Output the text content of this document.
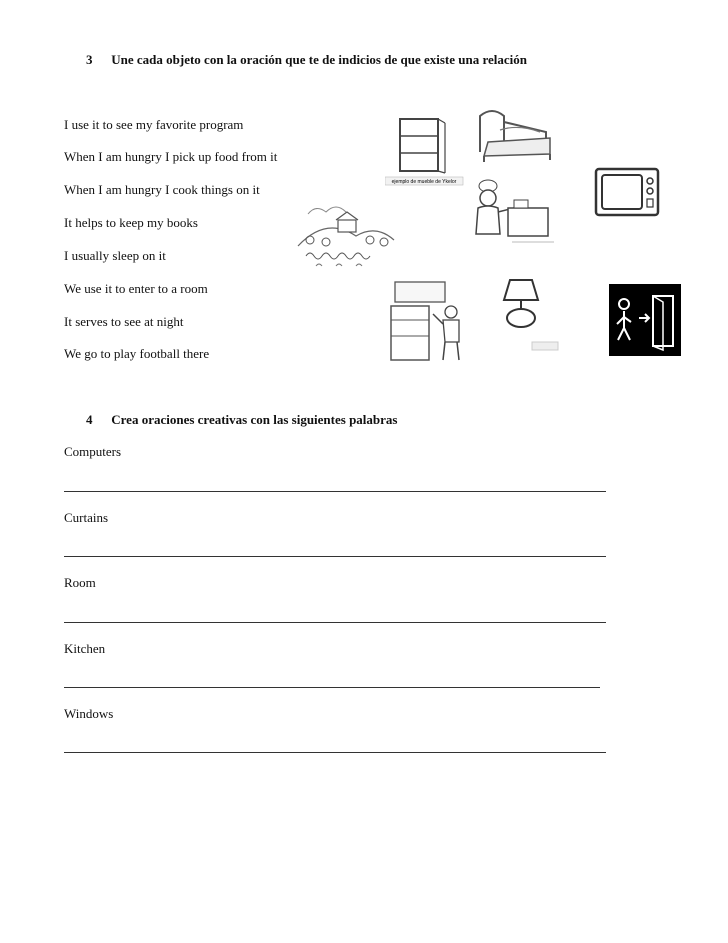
3 Une cada objeto con la oración que te de indicios de que existe una relación
I use it to see my favorite program
When I am hungry I pick up food from it
When I am hungry I cook things on it
It helps to keep my books
I usually sleep on it
We use it to enter to a room
It serves to see at night
We go to play football there
ejemplo de mueble de Ykelor
4 Crea oraciones creativas con las siguientes palabras
Computers
Curtains
Room
Kitchen
Windows
